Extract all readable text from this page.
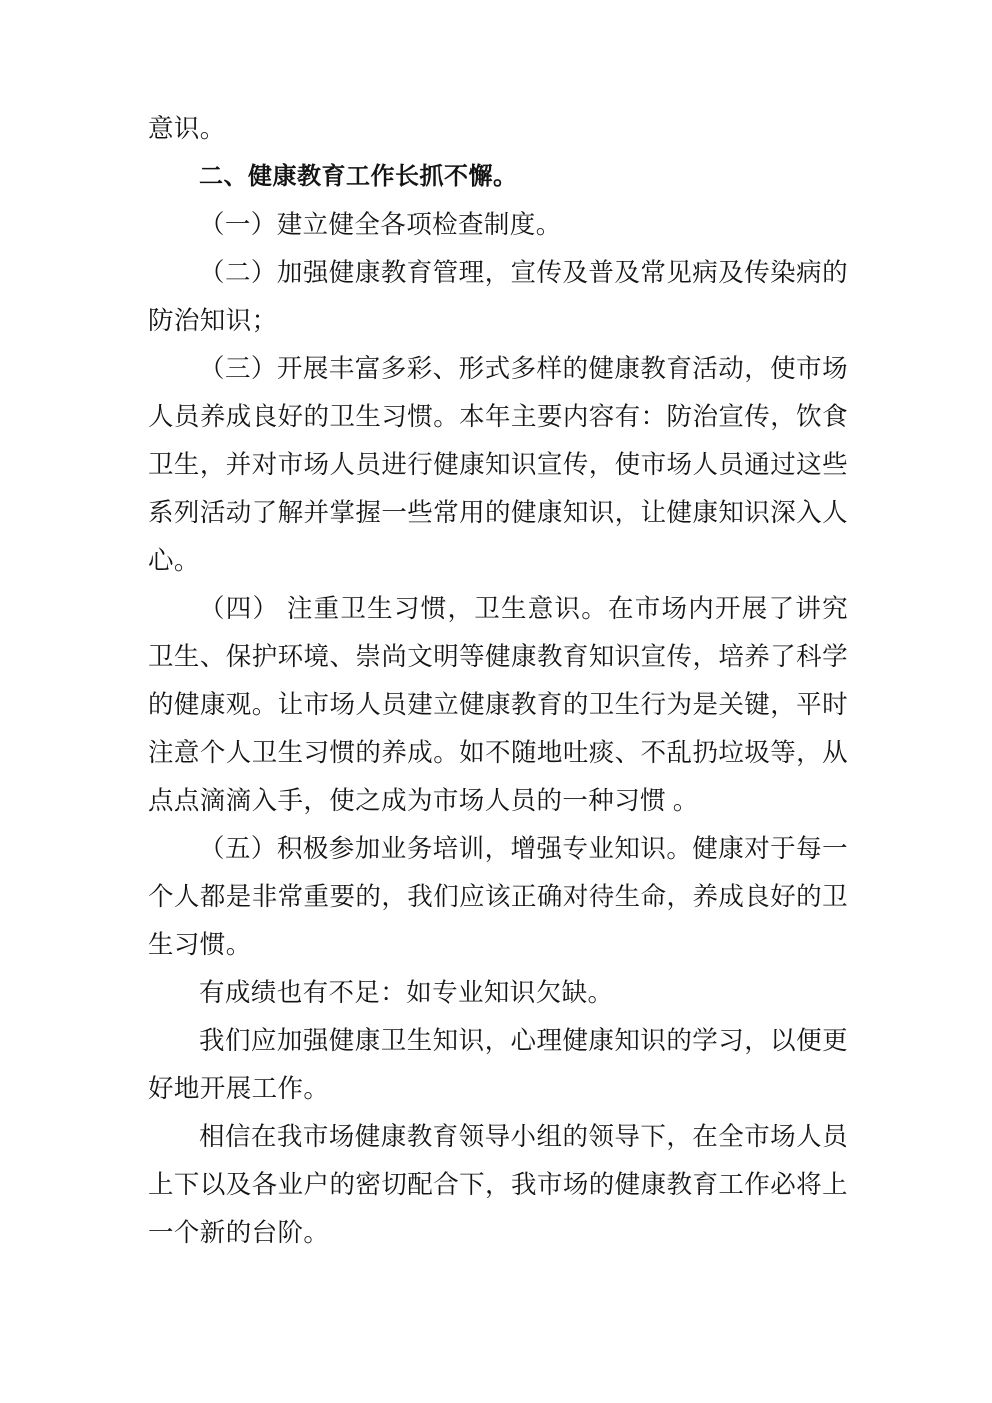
意识。

二、健康教育工作长抓不懈。

（一）建立健全各项检查制度。

（二）加强健康教育管理，宣传及普及常见病及传染病的防治知识；

（三）开展丰富多彩、形式多样的健康教育活动，使市场人员养成良好的卫生习惯。本年主要内容有：防治宣传，饮食卫生，并对市场人员进行健康知识宣传，使市场人员通过这些系列活动了解并掌握一些常用的健康知识，让健康知识深入人心。

（四） 注重卫生习惯，卫生意识。在市场内开展了讲究卫生、保护环境、崇尚文明等健康教育知识宣传，培养了科学的健康观。让市场人员建立健康教育的卫生行为是关键，平时注意个人卫生习惯的养成。如不随地吐痰、不乱扔垃圾等，从点点滴滴入手，使之成为市场人员的一种习惯 。

（五）积极参加业务培训，增强专业知识。健康对于每一个人都是非常重要的，我们应该正确对待生命，养成良好的卫生习惯。

有成绩也有不足：如专业知识欠缺。

我们应加强健康卫生知识，心理健康知识的学习，以便更好地开展工作。

相信在我市场健康教育领导小组的领导下，在全市场人员上下以及各业户的密切配合下，我市场的健康教育工作必将上一个新的台阶。
